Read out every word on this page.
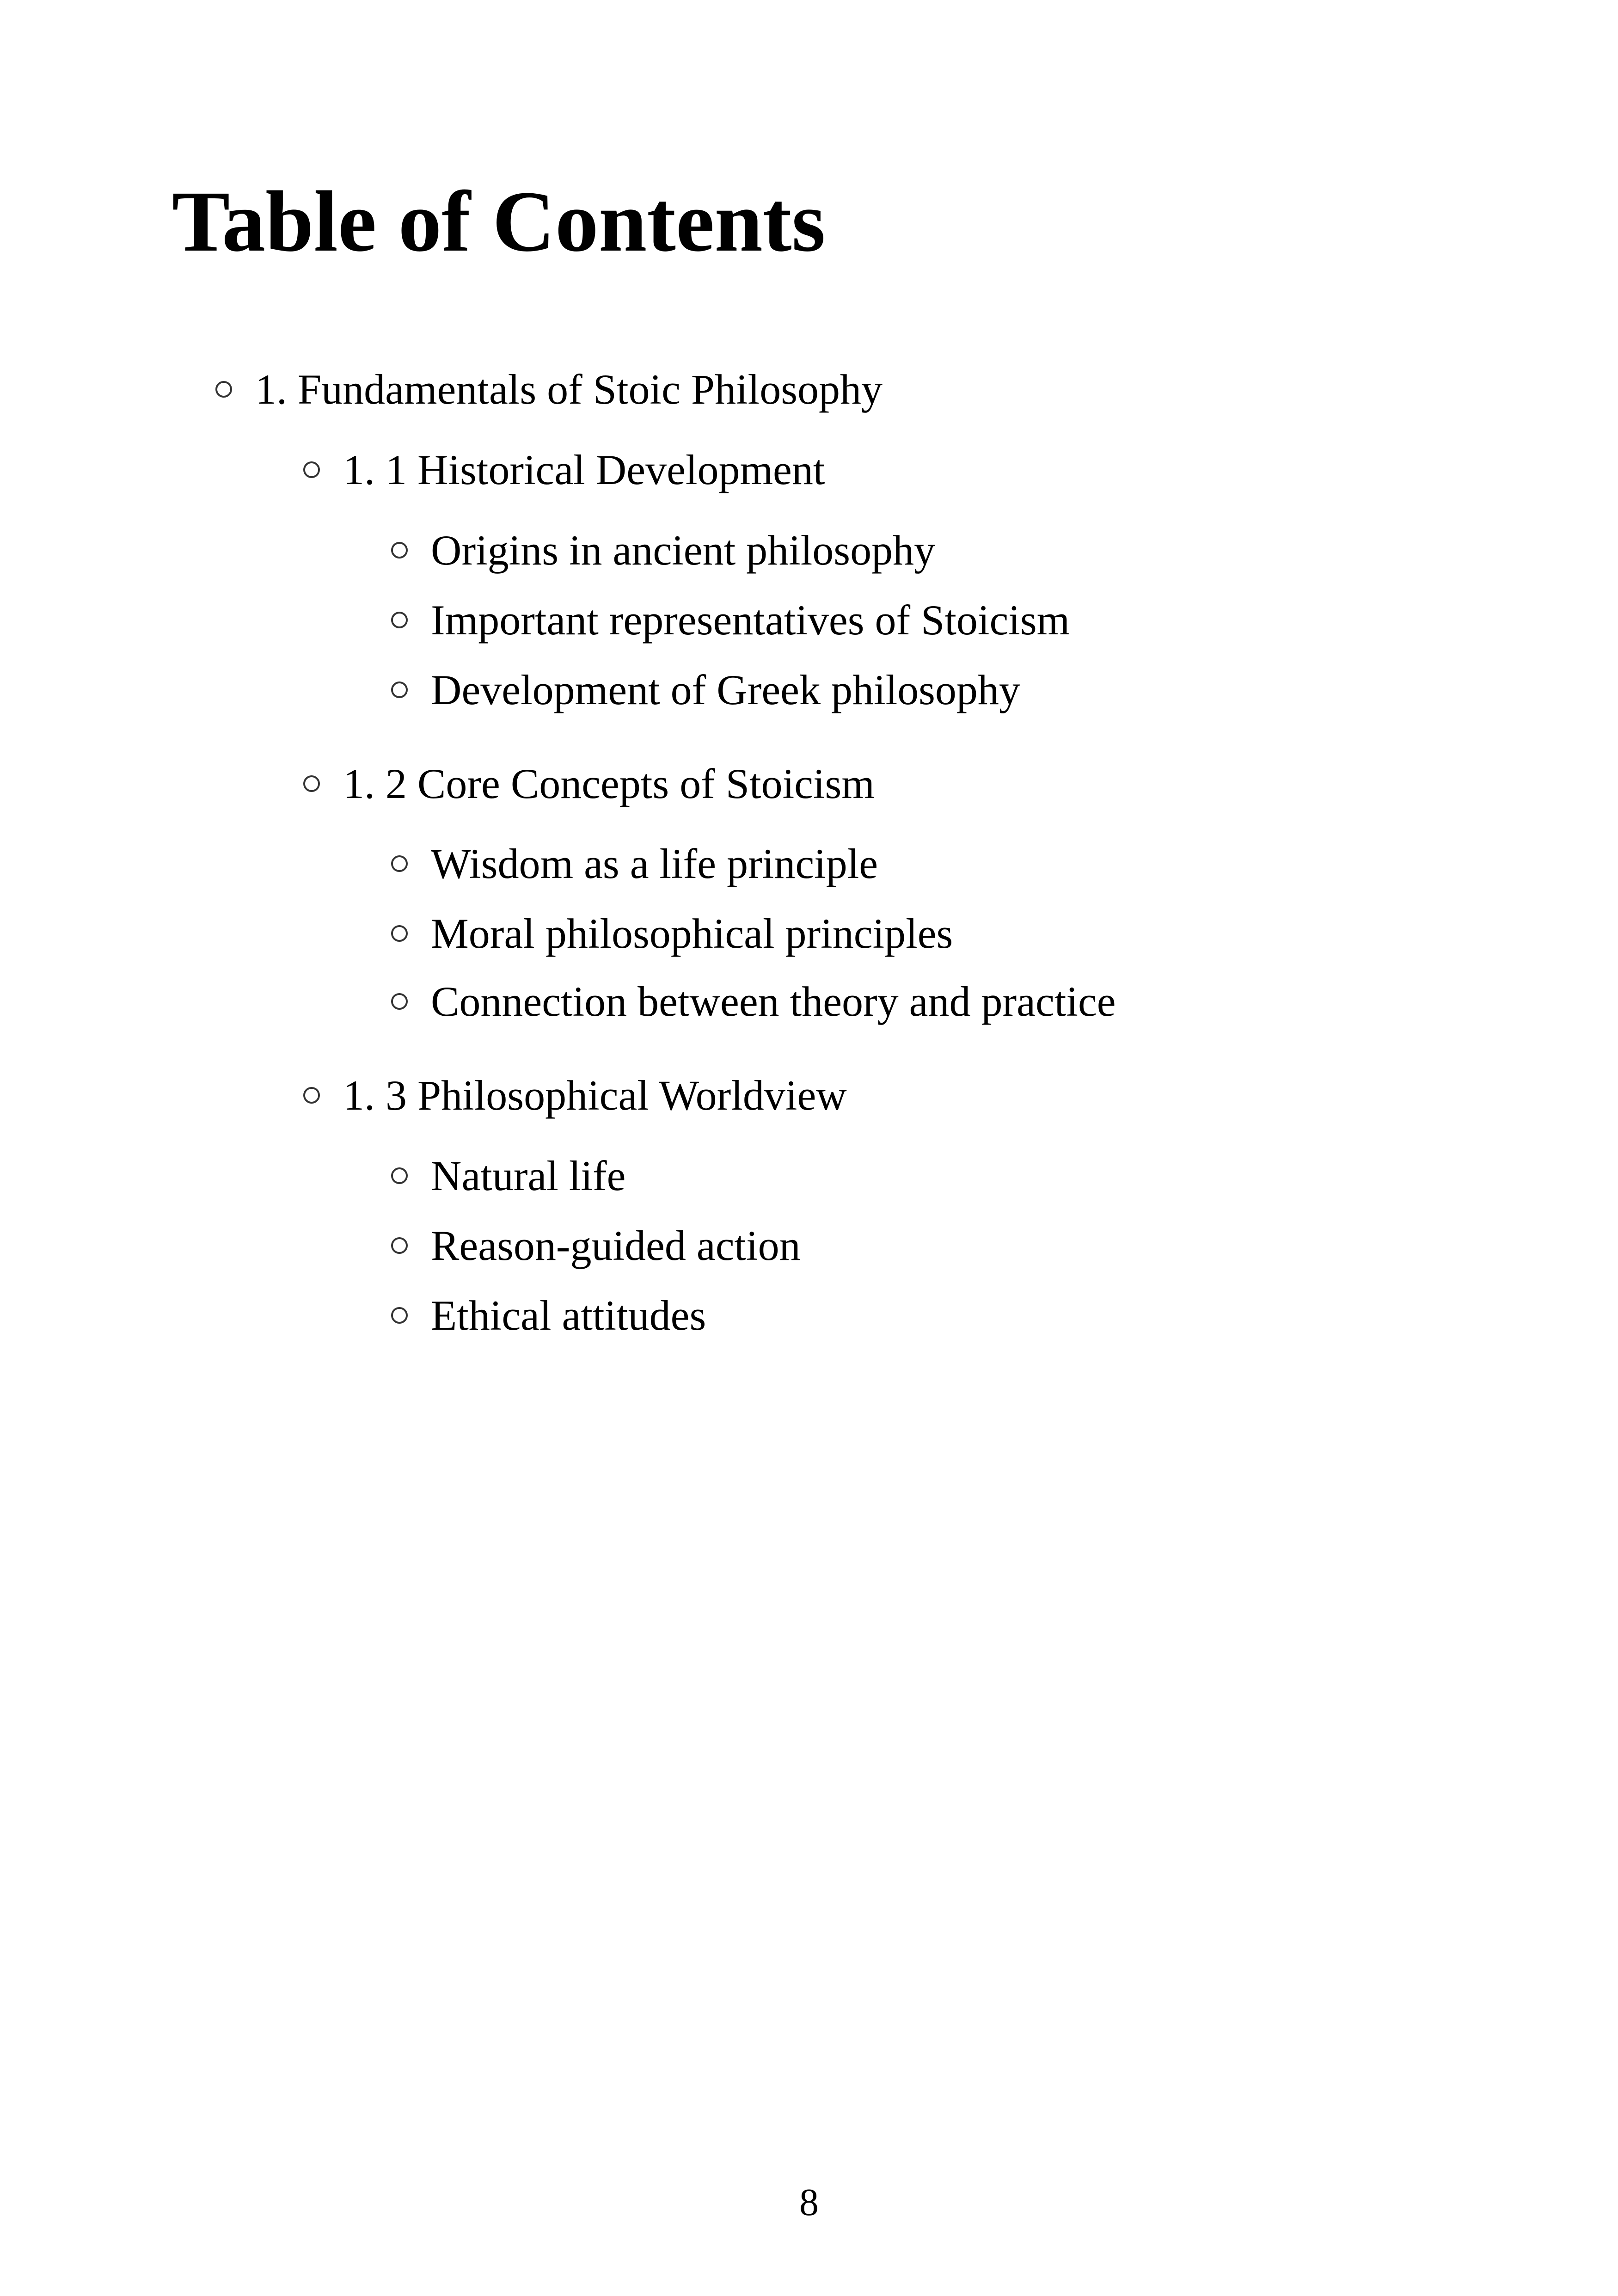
Table of Contents
1. Fundamentals of Stoic Philosophy
1. 1 Historical Development
Origins in ancient philosophy
Important representatives of Stoicism
Development of Greek philosophy
1. 2 Core Concepts of Stoicism
Wisdom as a life principle
Moral philosophical principles
Connection between theory and practice
1. 3 Philosophical Worldview
Natural life
Reason-guided action
Ethical attitudes
8
